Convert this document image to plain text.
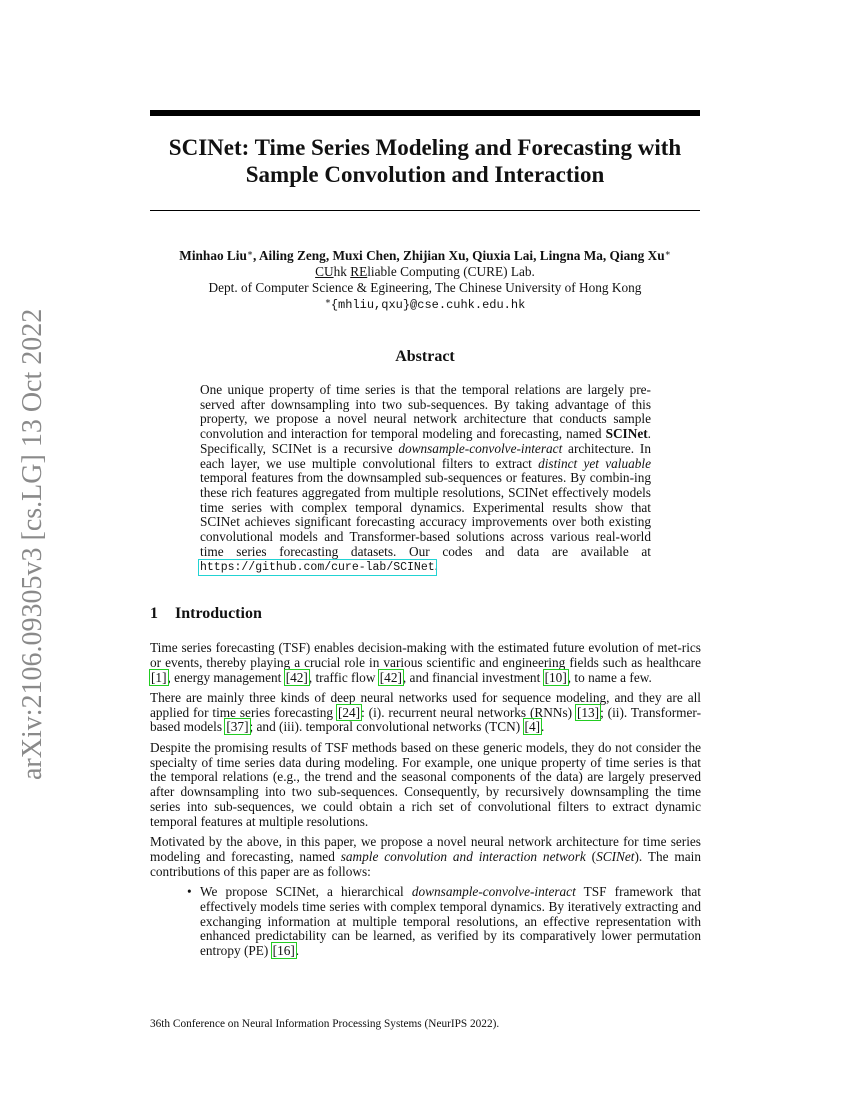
arXiv:2106.09305v3 [cs.LG] 13 Oct 2022
SCINet: Time Series Modeling and Forecasting with
Sample Convolution and Interaction
Minhao Liu∗, Ailing Zeng, Muxi Chen, Zhijian Xu, Qiuxia Lai, Lingna Ma, Qiang Xu∗
CUhk REliable Computing (CURE) Lab.
Dept. of Computer Science & Egineering, The Chinese University of Hong Kong
∗{mhliu,qxu}@cse.cuhk.edu.hk
Abstract
One unique property of time series is that the temporal relations are largely pre-served after downsampling into two sub-sequences. By taking advantage of this property, we propose a novel neural network architecture that conducts sample convolution and interaction for temporal modeling and forecasting, named SCINet. Specifically, SCINet is a recursive downsample-convolve-interact architecture. In each layer, we use multiple convolutional filters to extract distinct yet valuable temporal features from the downsampled sub-sequences or features. By combin-ing these rich features aggregated from multiple resolutions, SCINet effectively models time series with complex temporal dynamics. Experimental results show that SCINet achieves significant forecasting accuracy improvements over both existing convolutional models and Transformer-based solutions across various real-world time series forecasting datasets. Our codes and data are available at https://github.com/cure-lab/SCINet.
1 Introduction

Time series forecasting (TSF) enables decision-making with the estimated future evolution of met-rics or events, thereby playing a crucial role in various scientific and engineering fields such as healthcare [1], energy management [42], traffic flow [42], and financial investment [10], to name a few.

There are mainly three kinds of deep neural networks used for sequence modeling, and they are all applied for time series forecasting [24]: (i). recurrent neural networks (RNNs) [13]; (ii). Transformer-based models [37]; and (iii). temporal convolutional networks (TCN) [4].

Despite the promising results of TSF methods based on these generic models, they do not consider the specialty of time series data during modeling. For example, one unique property of time series is that the temporal relations (e.g., the trend and the seasonal components of the data) are largely preserved after downsampling into two sub-sequences. Consequently, by recursively downsampling the time series into sub-sequences, we could obtain a rich set of convolutional filters to extract dynamic temporal features at multiple resolutions.

Motivated by the above, in this paper, we propose a novel neural network architecture for time series modeling and forecasting, named sample convolution and interaction network (SCINet). The main contributions of this paper are as follows:

• We propose SCINet, a hierarchical downsample-convolve-interact TSF framework that effectively models time series with complex temporal dynamics. By iteratively extracting and exchanging information at multiple temporal resolutions, an effective representation with enhanced predictability can be learned, as verified by its comparatively lower permutation entropy (PE) [16].
36th Conference on Neural Information Processing Systems (NeurIPS 2022).
